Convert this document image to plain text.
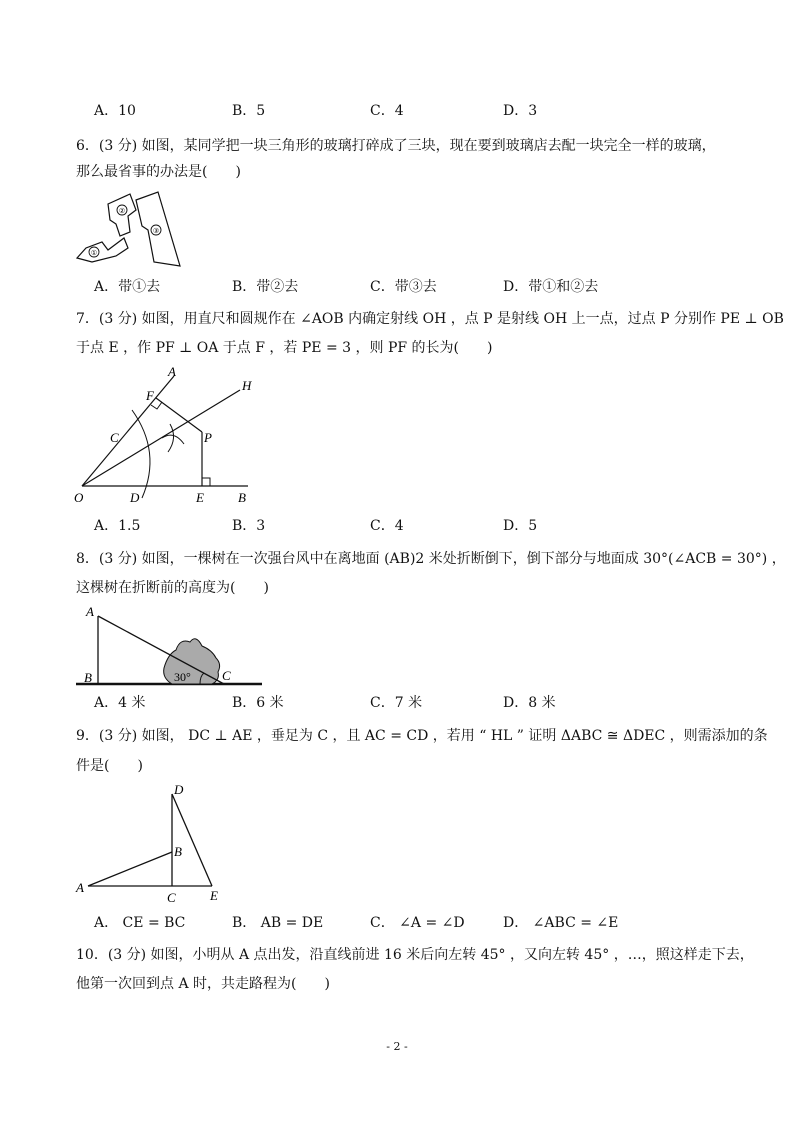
A．10	B．5	C．4	D．3
6．(3 分) 如图，某同学把一块三角形的玻璃打碎成了三块，现在要到玻璃店去配一块完全一样的玻璃，
那么最省事的办法是(　　)
①
②
③
A．带①去	B．带②去	C．带③去	D．带①和②去
7．(3 分) 如图，用直尺和圆规作在 ∠AOB 内确定射线 OH ，点 P 是射线 OH 上一点，过点 P 分别作 PE ⊥ OB
于点 E ，作 PF ⊥ OA 于点 F ，若 PE = 3 ，则 PF 的长为(　　)
A
F
H
C	P
O	D	E	B
A．1.5	B．3	C．4	D．5
8．(3 分) 如图，一棵树在一次强台风中在离地面 (AB)2 米处折断倒下，倒下部分与地面成 30°(∠ACB = 30°) ，
这棵树在折断前的高度为(　　)
A
B	C
30°
A．4 米	B．6 米	C．7 米	D．8 米
9．(3 分) 如图， DC ⊥ AE ，垂足为 C ，且 AC = CD ，若用 “ HL ” 证明 ΔABC ≅ ΔDEC ，则需添加的条
件是(　　)
D
B
A
C	E
A． CE = BC	B． AB = DE	C． ∠A = ∠D	D． ∠ABC = ∠E
10．(3 分) 如图，小明从 A 点出发，沿直线前进 16 米后向左转 45° ，又向左转 45° ，…，照这样走下去，
他第一次回到点 A 时，共走路程为(　　)
- 2 -
